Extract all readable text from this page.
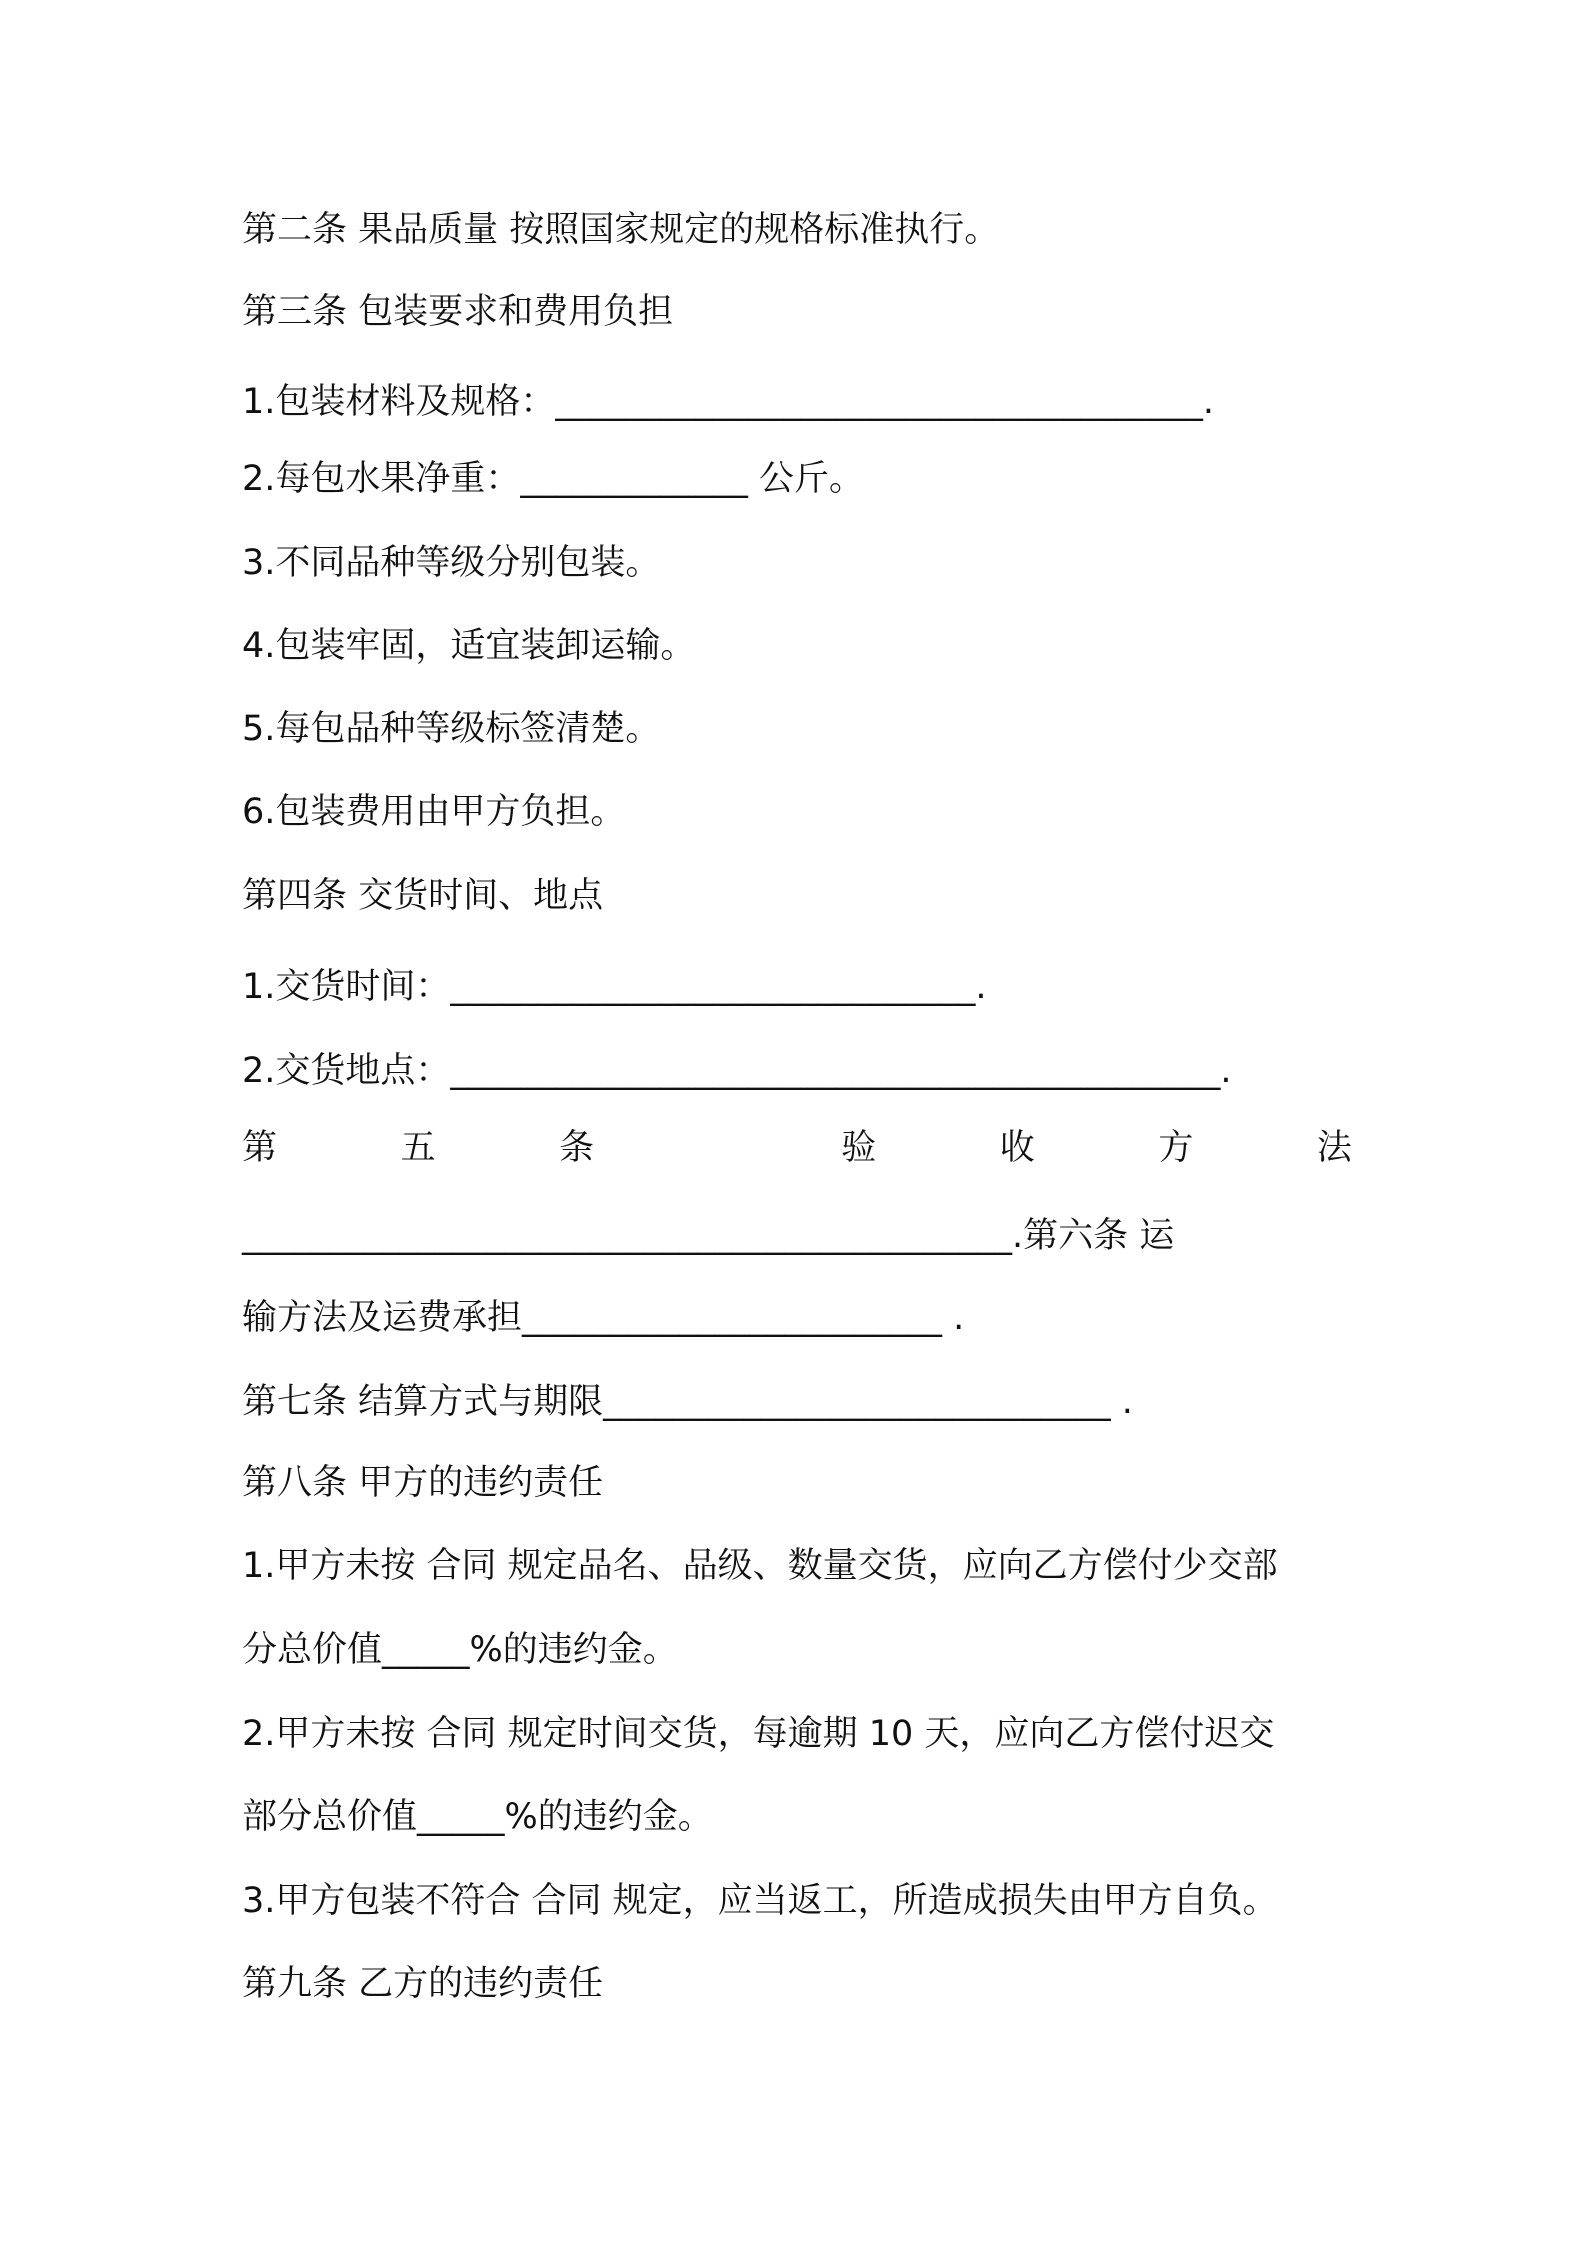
第二条 果品质量 按照国家规定的规格标准执行。
第三条 包装要求和费用负担
1.包装材料及规格：_____________________________________.
2.每包水果净重：_____________ 公斤。
3.不同品种等级分别包装。
4.包装牢固，适宜装卸运输。
5.每包品种等级标签清楚。
6.包装费用由甲方负担。
第四条 交货时间、地点
1.交货时间：______________________________.
2.交货地点：____________________________________________.
第	五	条	验	收	方	法
____________________________________________.第六条 运
输方法及运费承担________________________ .
第七条 结算方式与期限_____________________________ .
第八条 甲方的违约责任
1.甲方未按 合同 规定品名、品级、数量交货，应向乙方偿付少交部
分总价值_____%的违约金。
2.甲方未按 合同 规定时间交货，每逾期 10 天，应向乙方偿付迟交
部分总价值_____%的违约金。
3.甲方包装不符合 合同 规定，应当返工，所造成损失由甲方自负。
第九条 乙方的违约责任
